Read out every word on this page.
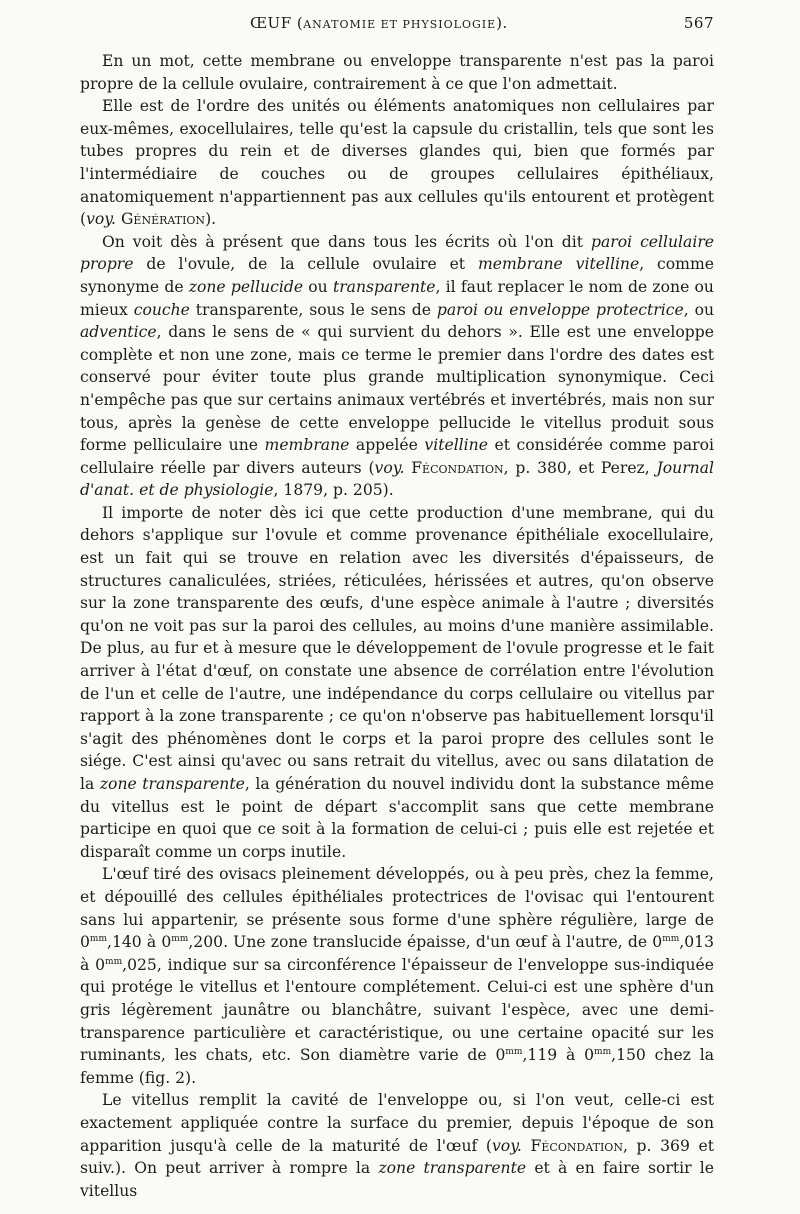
ŒUF (ANATOMIE ET PHYSIOLOGIE).	567

En un mot, cette membrane ou enveloppe transparente n'est pas la paroi propre de la cellule ovulaire, contrairement à ce que l'on admettait.

Elle est de l'ordre des unités ou éléments anatomiques non cellulaires par eux-mêmes, exocellulaires, telle qu'est la capsule du cristallin, tels que sont les tubes propres du rein et de diverses glandes qui, bien que formés par l'intermédiaire de couches ou de groupes cellulaires épithéliaux, anatomiquement n'appartiennent pas aux cellules qu'ils entourent et protègent (voy. Génération).

On voit dès à présent que dans tous les écrits où l'on dit paroi cellulaire propre de l'ovule, de la cellule ovulaire et membrane vitelline, comme synonyme de zone pellucide ou transparente, il faut replacer le nom de zone ou mieux couche transparente, sous le sens de paroi ou enveloppe protectrice, ou adventice, dans le sens de « qui survient du dehors ». Elle est une enveloppe complète et non une zone, mais ce terme le premier dans l'ordre des dates est conservé pour éviter toute plus grande multiplication synonymique. Ceci n'empêche pas que sur certains animaux vertébrés et invertébrés, mais non sur tous, après la genèse de cette enveloppe pellucide le vitellus produit sous forme pelliculaire une membrane appelée vitelline et considérée comme paroi cellulaire réelle par divers auteurs (voy. Fécondation, p. 380, et Perez, Journal d'anat. et de physiologie, 1879, p. 205).

Il importe de noter dès ici que cette production d'une membrane, qui du dehors s'applique sur l'ovule et comme provenance épithéliale exocellulaire, est un fait qui se trouve en relation avec les diversités d'épaisseurs, de structures canaliculées, striées, réticulées, hérissées et autres, qu'on observe sur la zone transparente des œufs, d'une espèce animale à l'autre ; diversités qu'on ne voit pas sur la paroi des cellules, au moins d'une manière assimilable. De plus, au fur et à mesure que le développement de l'ovule progresse et le fait arriver à l'état d'œuf, on constate une absence de corrélation entre l'évolution de l'un et celle de l'autre, une indépendance du corps cellulaire ou vitellus par rapport à la zone transparente ; ce qu'on n'observe pas habituellement lorsqu'il s'agit des phénomènes dont le corps et la paroi propre des cellules sont le siége. C'est ainsi qu'avec ou sans retrait du vitellus, avec ou sans dilatation de la zone transparente, la génération du nouvel individu dont la substance même du vitellus est le point de départ s'accomplit sans que cette membrane participe en quoi que ce soit à la formation de celui-ci ; puis elle est rejetée et disparaît comme un corps inutile.

L'œuf tiré des ovisacs pleinement développés, ou à peu près, chez la femme, et dépouillé des cellules épithéliales protectrices de l'ovisac qui l'entourent sans lui appartenir, se présente sous forme d'une sphère régulière, large de $0^{mm},140$ à $0^{mm},200$. Une zone translucide épaisse, d'un œuf à l'autre, de $0^{mm},013$ à $0^{mm},025$, indique sur sa circonférence l'épaisseur de l'enveloppe sus-indiquée qui protége le vitellus et l'entoure complétement. Celui-ci est une sphère d'un gris légèrement jaunâtre ou blanchâtre, suivant l'espèce, avec une demi-transparence particulière et caractéristique, ou une certaine opacité sur les ruminants, les chats, etc. Son diamètre varie de $0^{mm},119$ à $0^{mm},150$ chez la femme (fig. 2).

Le vitellus remplit la cavité de l'enveloppe ou, si l'on veut, celle-ci est exactement appliquée contre la surface du premier, depuis l'époque de son apparition jusqu'à celle de la maturité de l'œuf (voy. Fécondation, p. 369 et suiv.). On peut arriver à rompre la zone transparente et à en faire sortir le vitellus
